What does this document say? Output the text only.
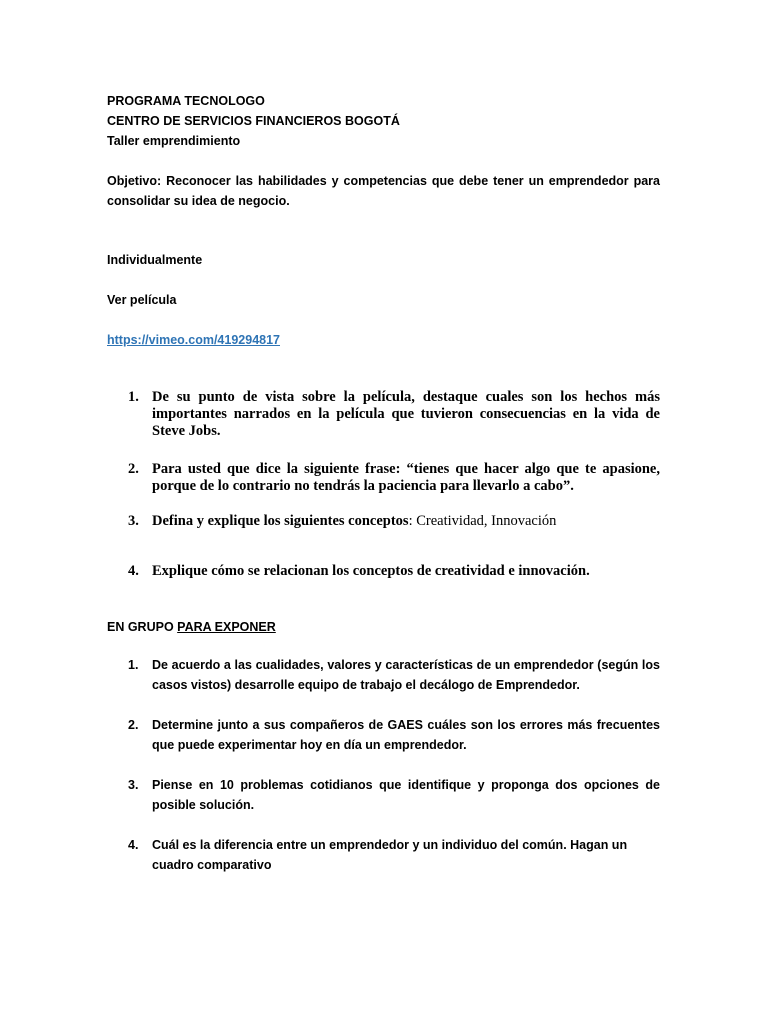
PROGRAMA TECNOLOGO
CENTRO DE SERVICIOS FINANCIEROS BOGOTÁ
Taller emprendimiento
Objetivo: Reconocer las habilidades y competencias que debe tener un emprendedor para consolidar su idea de negocio.
Individualmente
Ver película
https://vimeo.com/419294817
1. De su punto de vista sobre la película, destaque cuales son los hechos más importantes narrados en la película que tuvieron consecuencias en la vida de Steve Jobs.
2. Para usted que dice la siguiente frase: “tienes que hacer algo que te apasione, porque de lo contrario no tendrás la paciencia para llevarlo a cabo”.
3. Defina y explique los siguientes conceptos: Creatividad, Innovación
4. Explique cómo se relacionan los conceptos de creatividad e innovación.
EN GRUPO PARA EXPONER
1.	De acuerdo a las cualidades, valores y características de un emprendedor (según los casos vistos) desarrolle equipo de trabajo el decálogo de Emprendedor.
2.	Determine junto a sus compañeros de GAES cuáles son los errores más frecuentes que puede experimentar hoy en día un emprendedor.
3.	Piense en 10 problemas cotidianos que identifique y proponga dos opciones de posible solución.
4.	Cuál es la diferencia entre un emprendedor y un individuo del común. Hagan un cuadro comparativo
